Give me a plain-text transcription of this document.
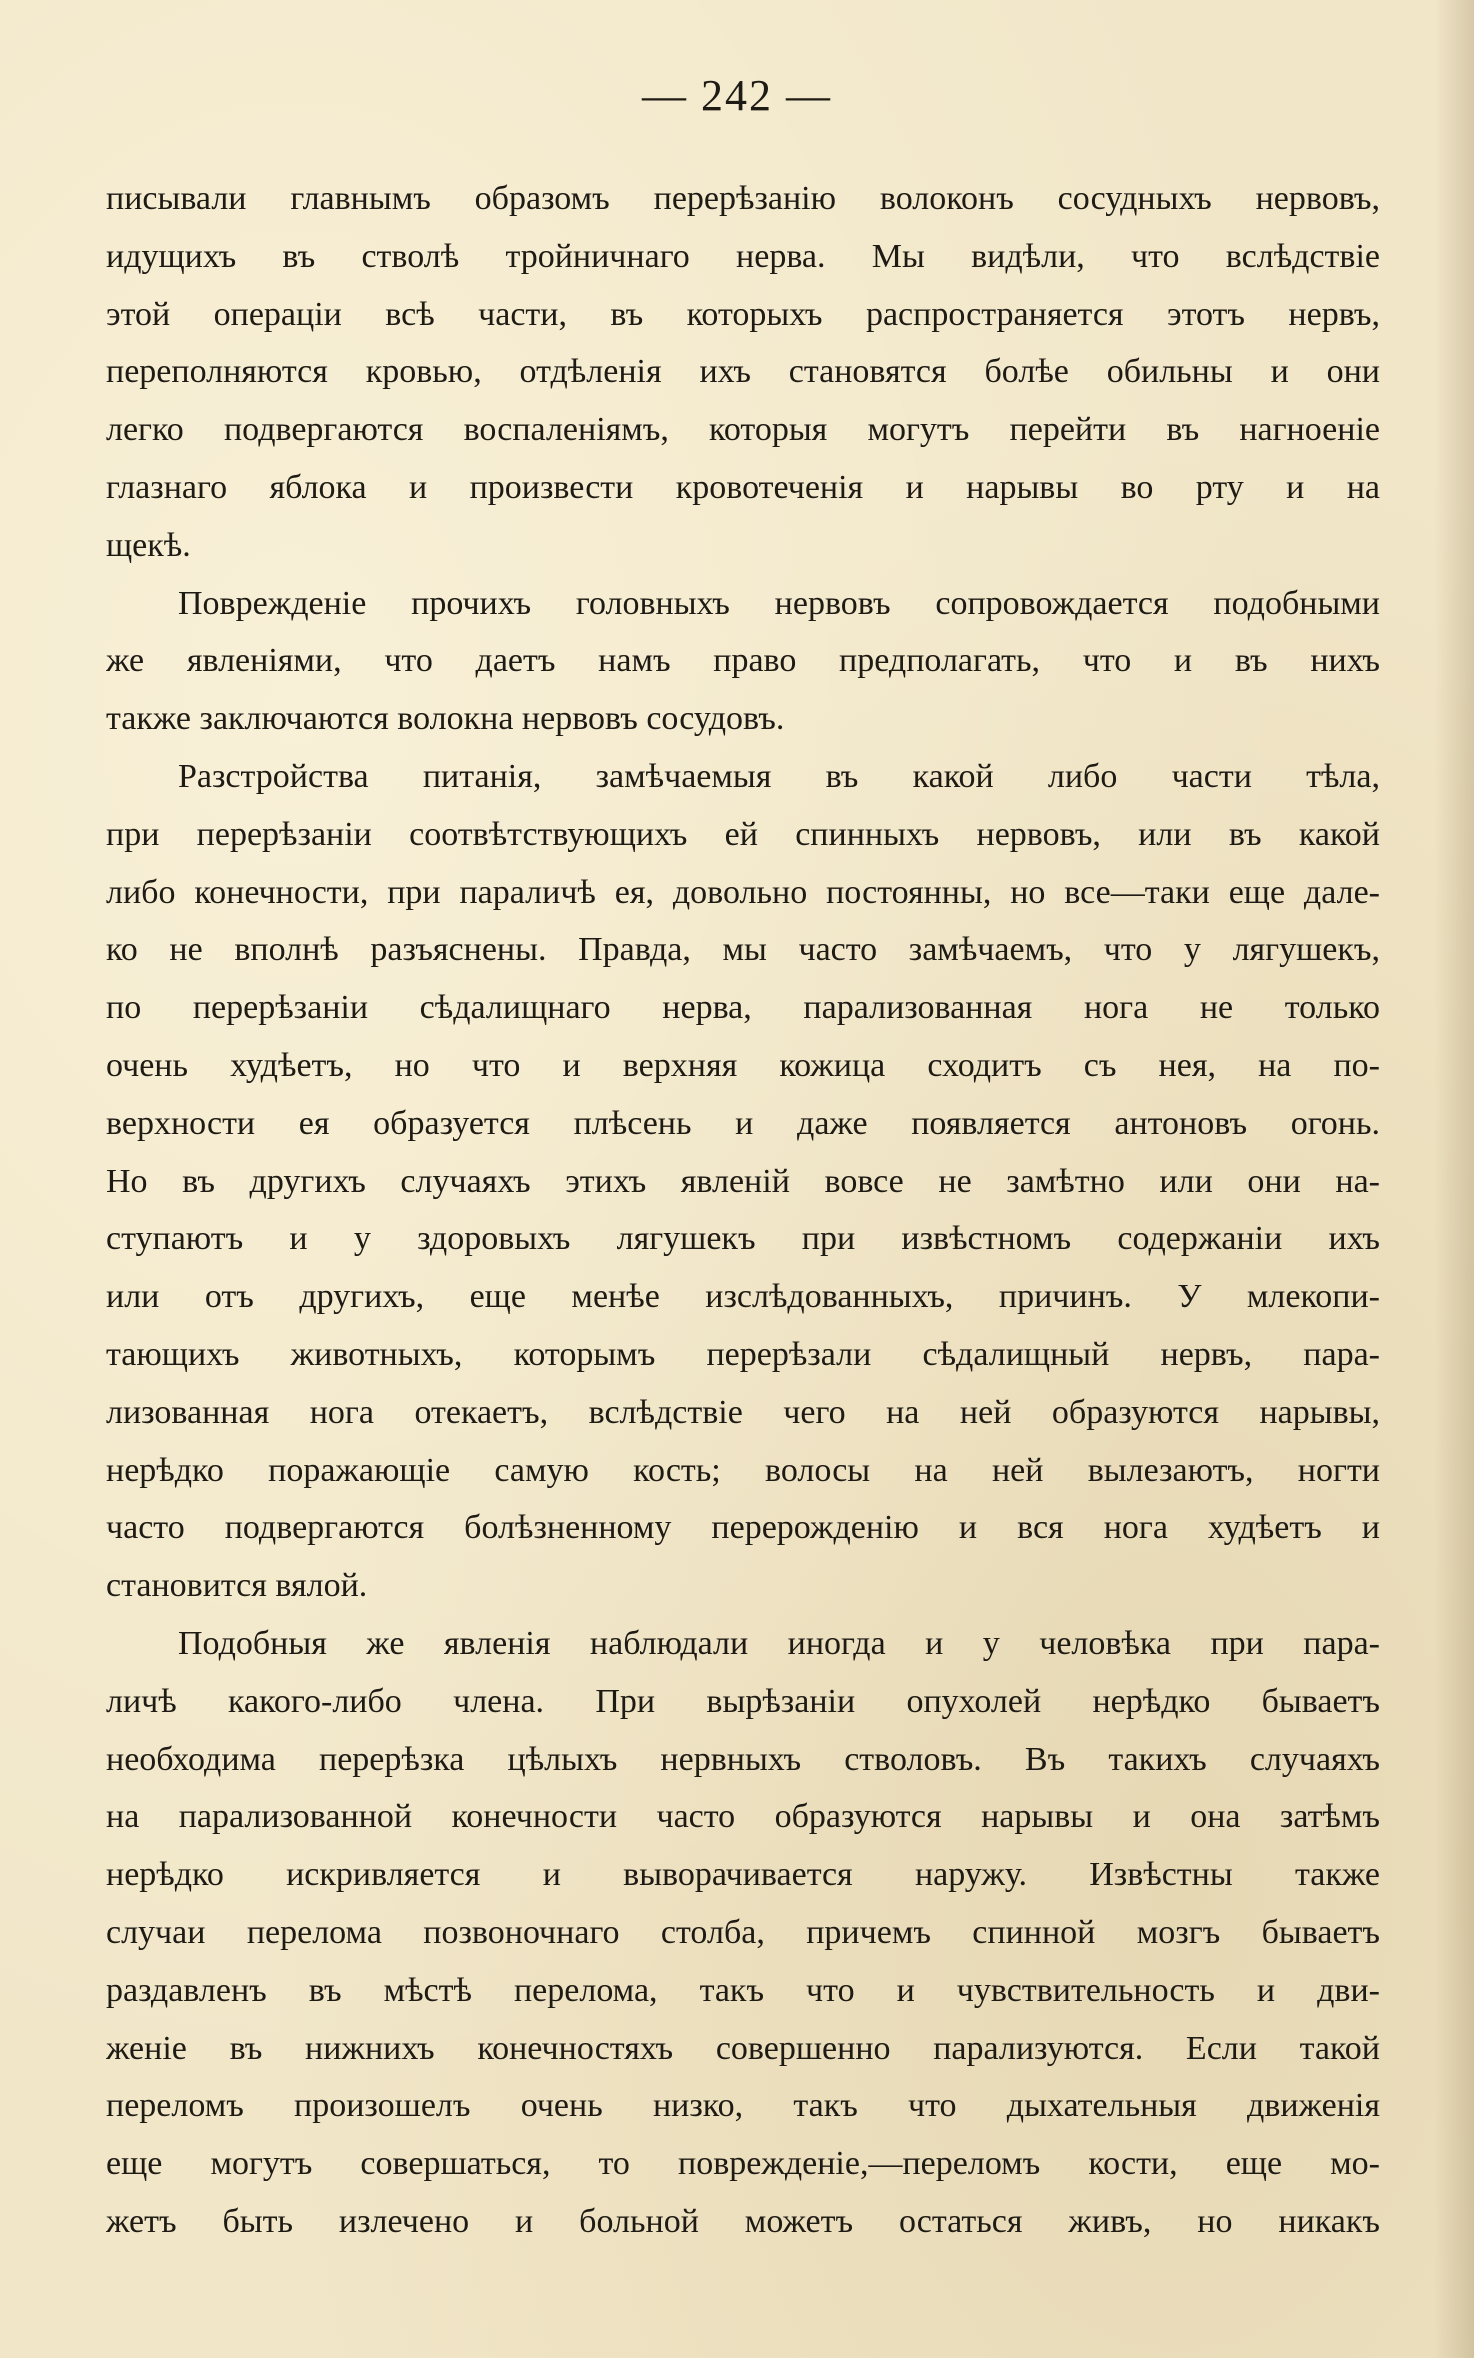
— 242 —

писывали главнымъ образомъ перерѣзанію волоконъ сосудныхъ нервовъ,
идущихъ въ стволѣ тройничнаго нерва. Мы видѣли, что вслѣдствіе
этой операціи всѣ части, въ которыхъ распространяется этотъ нервъ,
переполняются кровью, отдѣленія ихъ становятся болѣе обильны и они
легко подвергаются воспаленіямъ, которыя могутъ перейти въ нагноеніе
глазнаго яблока и произвести кровотеченія и нарывы во рту и на
щекѣ.

Поврежденіе прочихъ головныхъ нервовъ сопровождается подобными
же явленіями, что даетъ намъ право предполагать, что и въ нихъ
также заключаются волокна нервовъ сосудовъ.

Разстройства питанія, замѣчаемыя въ какой либо части тѣла,
при перерѣзаніи соотвѣтствующихъ ей спинныхъ нервовъ, или въ какой
либо конечности, при параличѣ ея, довольно постоянны, но все—таки еще дале-
ко не вполнѣ разъяснены. Правда, мы часто замѣчаемъ, что у лягушекъ,
по перерѣзаніи сѣдалищнаго нерва, парализованная нога не только
очень худѣетъ, но что и верхняя кожица сходитъ съ нея, на по-
верхности ея образуется плѣсень и даже появляется антоновъ огонь.
Но въ другихъ случаяхъ этихъ явленій вовсе не замѣтно или они на-
ступаютъ и у здоровыхъ лягушекъ при извѣстномъ содержаніи ихъ
или отъ другихъ, еще менѣе изслѣдованныхъ, причинъ. У млекопи-
тающихъ животныхъ, которымъ перерѣзали сѣдалищный нервъ, пара-
лизованная нога отекаетъ, вслѣдствіе чего на ней образуются нарывы,
нерѣдко поражающіе самую кость; волосы на ней вылезаютъ, ногти
часто подвергаются болѣзненному перерожденію и вся нога худѣетъ и
становится вялой.

Подобныя же явленія наблюдали иногда и у человѣка при пара-
личѣ какого-либо члена. При вырѣзаніи опухолей нерѣдко бываетъ
необходима перерѣзка цѣлыхъ нервныхъ стволовъ. Въ такихъ случаяхъ
на парализованной конечности часто образуются нарывы и она затѣмъ
нерѣдко искривляется и выворачивается наружу. Извѣстны также
случаи перелома позвоночнаго столба, причемъ спинной мозгъ бываетъ
раздавленъ въ мѣстѣ перелома, такъ что и чувствительность и дви-
женіе въ нижнихъ конечностяхъ совершенно парализуются. Если такой
переломъ произошелъ очень низко, такъ что дыхательныя движенія
еще могутъ совершаться, то поврежденіе,—переломъ кости, еще мо-
жетъ быть излечено и больной можетъ остаться живъ, но никакъ
